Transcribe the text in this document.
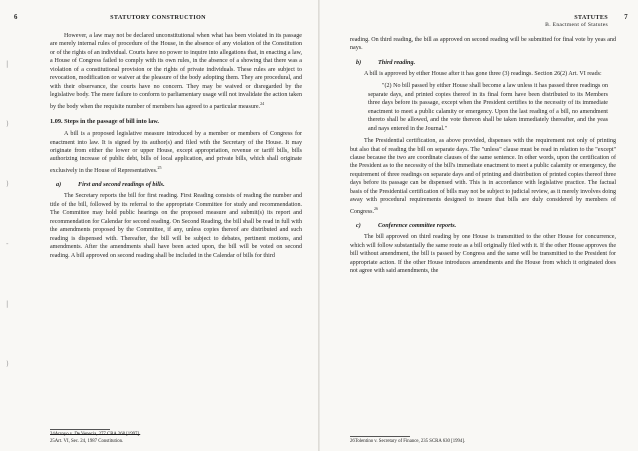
6	STATUTORY CONSTRUCTION

However, a law may not be declared unconstitutional when what has been violated in its passage are merely internal rules of procedure of the House, in the absence of any violation of the Constitution or of the rights of an individual. Courts have no power to inquire into allegations that, in enacting a law, a House of Congress failed to comply with its own rules, in the absence of a showing that there was a violation of a constitutional provision or the rights of private individuals. These rules are subject to revocation, modification or waiver at the pleasure of the body adopting them. They are procedural, and with their observance, the courts have no concern. They may be waived or disregarded by the legislative body. The mere failure to conform to parliamentary usage will not invalidate the action taken by the body when the requisite number of members has agreed to a particular measure.$^{24}$

1.09. Steps in the passage of bill into law.

A bill is a proposed legislative measure introduced by a member or members of Congress for enactment into law. It is signed by its author(s) and filed with the Secretary of the House. It may originate from either the lower or upper House, except appropriation, revenue or tariff bills, bills authorizing increase of public debt, bills of local application, and private bills, which shall originate exclusively in the House of Representatives.$^{25}$

a)	First and second readings of bills.

The Secretary reports the bill for first reading. First Reading consists of reading the number and title of the bill, followed by its referral to the appropriate Committee for study and recommendation. The Committee may hold public hearings on the proposed measure and submit(s) its report and recommendation for Calendar for second reading. On Second Reading, the bill shall be read in full with the amendments proposed by the Committee, if any, unless copies thereof are distributed and such reading is dispensed with. Thereafter, the bill will be subject to debates, pertinent motions, and amendments. After the amendments shall have been acted upon, the bill will be voted on second reading. A bill approved on second reading shall be included in the Calendar of bills for third

24Arroyo v. De Venecia, 277 CRA 268 [1997].
25Art. VI, Sec. 24, 1987 Constitution.
|
)
)
-
|
)
7
STATUTES
B. Enactment of Statutes

reading. On third reading, the bill as approved on second reading will be submitted for final vote by yeas and nays.

b)	Third reading.

A bill is approved by either House after it has gone three (3) readings. Section 26(2) Art. VI reads:

"(2) No bill passed by either House shall become a law unless it has passed three readings on separate days, and printed copies thereof in its final form have been distributed to its Members three days before its passage, except when the President certifies to the necessity of its immediate enactment to meet a public calamity or emergency. Upon the last reading of a bill, no amendment thereto shall be allowed, and the vote thereon shall be taken immediately thereafter, and the yeas and nays entered in the Journal."

The Presidential certification, as above provided, dispenses with the requirement not only of printing but also that of reading the bill on separate days. The "unless" clause must be read in relation to the "except" clause because the two are coordinate clauses of the same sentence. In other words, upon the certification of the President as to the necessity of the bill's immediate enactment to meet a public calamity or emergency, the requirement of three readings on separate days and of printing and distribution of printed copies thereof three days before its passage can be dispensed with. This is in accordance with legislative practice. The factual basis of the Presidential certification of bills may not be subject to judicial review, as it merely involves doing away with procedural requirements designed to insure that bills are duly considered by members of Congress.$^{26}$

c)	Conference committee reports.

The bill approved on third reading by one House is transmitted to the other House for concurrence, which will follow substantially the same route as a bill originally filed with it. If the other House approves the bill without amendment, the bill is passed by Congress and the same will be transmitted to the President for appropriate action. If the other House introduces amendments and the House from which it originated does not agree with said amendments, the

26Tolentino v. Secretary of Finance, 235 SCRA 630 [1994].
